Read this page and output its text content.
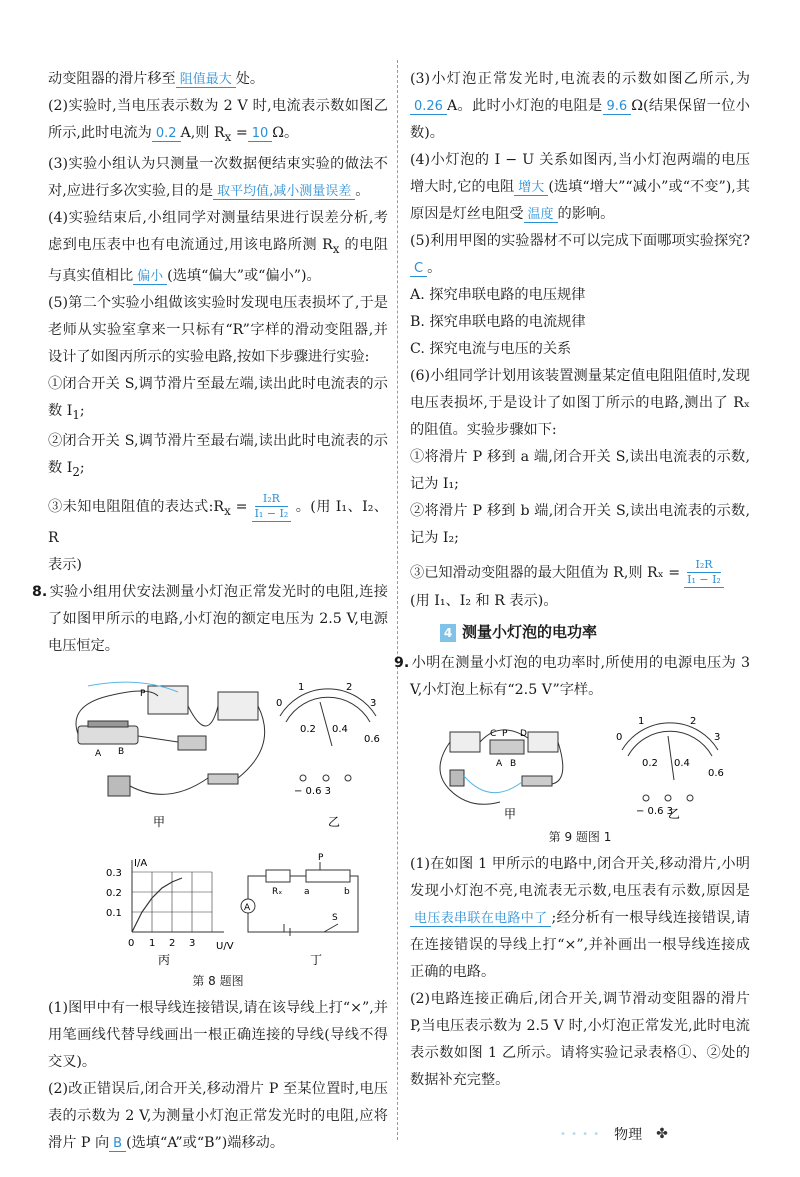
动变阻器的滑片移至 阻值最大 处。

(2)实验时,当电压表示数为 2 V 时,电流表示数如图乙所示,此时电流为 0.2 A,则 $R_x = 10$ Ω。

(3)实验小组认为只测量一次数据便结束实验的做法不对,应进行多次实验,目的是 取平均值,减小测量误差 。

(4)实验结束后,小组同学对测量结果进行误差分析,考虑到电压表中也有电流通过,用该电路所测 $R_x$ 的电阻与真实值相比 偏小 (选填“偏大”或“偏小”)。

(5)第二个实验小组做该实验时发现电压表损坏了,于是老师从实验室拿来一只标有“R”字样的滑动变阻器,并设计了如图丙所示的实验电路,按如下步骤进行实验:

①闭合开关 S,调节滑片至最左端,读出此时电流表的示数 $I_1$;

②闭合开关 S,调节滑片至最右端,读出此时电流表的示数 $I_2$;

③未知电阻阻值的表达式$:R_x = \frac{\text{I₂R}}{\text{I₁ − I₂}}$ 。(用 I₁、I₂、R

表示)

8. 实验小组用伏安法测量小灯泡正常发光时的电阻,连接了如图甲所示的电路,小灯泡的额定电压为 2.5 V,电源电压恒定。

A B
P
甲
0
1	2
3
0.2 0.4
0.6
− 0.6 3
乙
I/A
U/V
0.3
0.2
0.1
0 1 2 3
丙
A
P
Rₓ a	b
S
丁
第 8 题图

(1)图甲中有一根导线连接错误,请在该导线上打“×”,并用笔画线代替导线画出一根正确连接的导线(导线不得交叉)。

(2)改正错误后,闭合开关,移动滑片 P 至某位置时,电压表的示数为 2 V,为测量小灯泡正常发光时的电阻,应将滑片 P 向 B (选填“A”或“B”)端移动。

(3)小灯泡正常发光时,电流表的示数如图乙所示,为0.26 A。此时小灯泡的电阻是 9.6 Ω(结果保留一位小数)。

(4)小灯泡的 I − U 关系如图丙,当小灯泡两端的电压增大时,它的电阻 增大 (选填“增大”“减小”或“不变”),其原因是灯丝电阻受 温度 的影响。

(5)利用甲图的实验器材不可以完成下面哪项实验探究?C 。

A. 探究串联电路的电压规律

B. 探究串联电路的电流规律

C. 探究电流与电压的关系

(6)小组同学计划用该装置测量某定值电阻阻值时,发现电压表损坏,于是设计了如图丁所示的电路,测出了 Rₓ 的阻值。实验步骤如下:

①将滑片 P 移到 a 端,闭合开关 S,读出电流表的示数,记为 I₁;

②将滑片 P 移到 b 端,闭合开关 S,读出电流表的示数,记为 I₂;

③已知滑动变阻器的最大阻值为 R,则 $R_x = \frac{\text{I₂R}}{\text{I₁ − I₂}}$

(用 I₁、I₂ 和 R 表示)。

4 测量小灯泡的电功率

9. 小明在测量小灯泡的电功率时,所使用的电源电压为 3 V,小灯泡上标有“2.5 V”字样。

C P D
A B
甲
0
1	2
3
0.2 0.4
0.6
− 0.6 3
乙
第 9 题图 1

(1)在如图 1 甲所示的电路中,闭合开关,移动滑片,小明发现小灯泡不亮,电流表无示数,电压表有示数,原因是电压表串联在电路中了 ;经分析有一根导线连接错误,请在连接错误的导线上打“×”,并补画出一根导线连接成正确的电路。

(2)电路连接正确后,闭合开关,调节滑动变阻器的滑片 P,当电压表示数为 2.5 V 时,小灯泡正常发光,此时电流表示数如图 1 乙所示。请将实验记录表格①、②处的数据补充完整。

• • • • 物理 ✤
